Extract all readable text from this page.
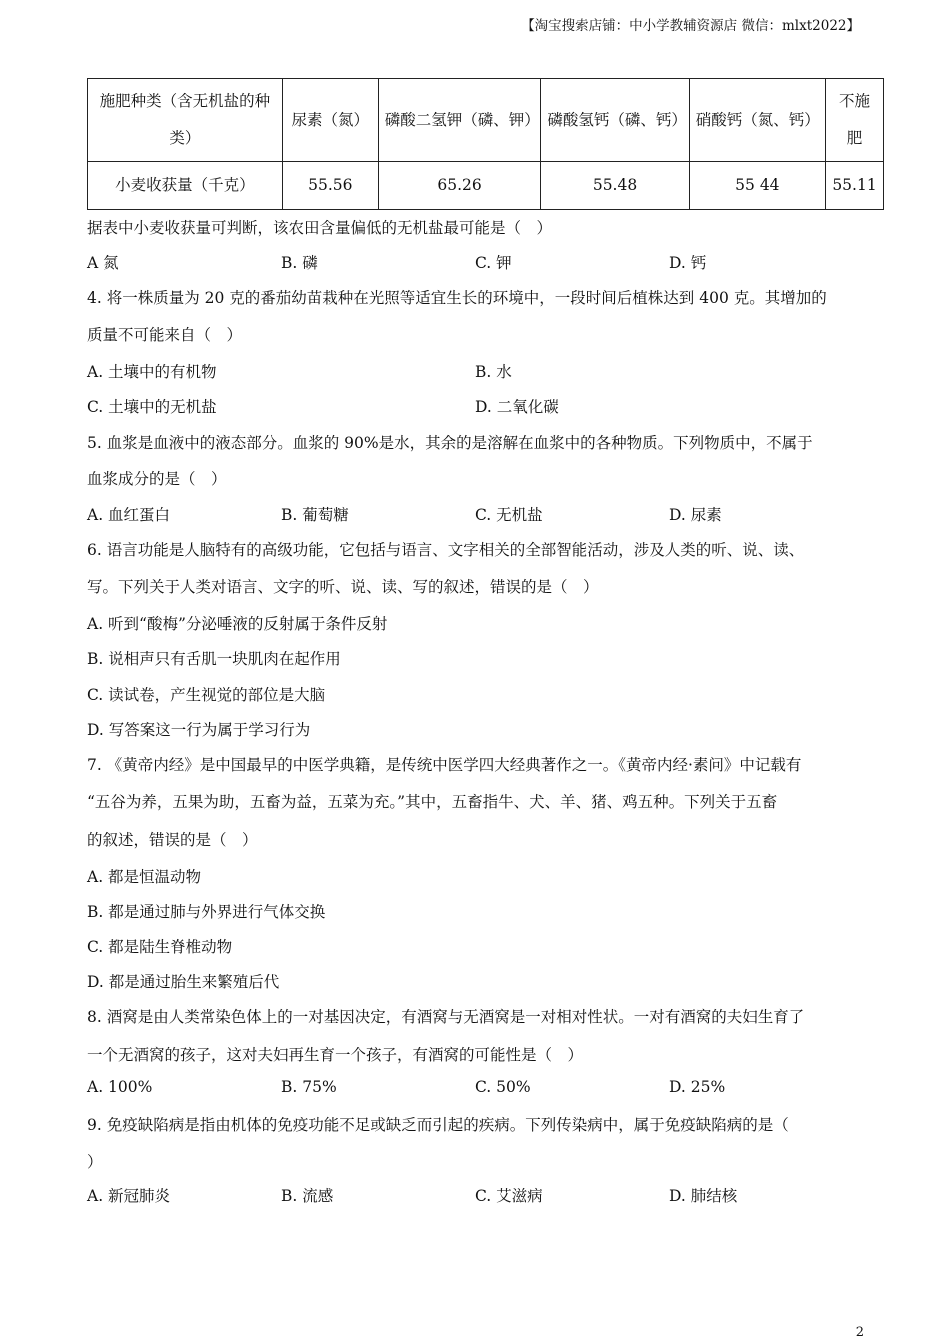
【淘宝搜索店铺：中小学教辅资源店 微信：mlxt2022】
施肥种类（含无机盐的种类）	尿素（氮）	磷酸二氢钾（磷、钾）	磷酸氢钙（磷、钙）	硝酸钙（氮、钙）	不施肥
小麦收获量（千克）	55.56	65.26	55.48	55 44	55.11
据表中小麦收获量可判断，该农田含量偏低的无机盐最可能是（　）
A 氮	B. 磷	C. 钾	D. 钙
4. 将一株质量为 20 克的番茄幼苗栽种在光照等适宜生长的环境中，一段时间后植株达到 400 克。其增加的
质量不可能来自（　）
A. 土壤中的有机物	B. 水
C. 土壤中的无机盐	D. 二氧化碳
5. 血浆是血液中的液态部分。血浆的 90%是水，其余的是溶解在血浆中的各种物质。下列物质中，不属于
血浆成分的是（　）
A. 血红蛋白	B. 葡萄糖	C. 无机盐	D. 尿素
6. 语言功能是人脑特有的高级功能，它包括与语言、文字相关的全部智能活动，涉及人类的听、说、读、
写。下列关于人类对语言、文字的听、说、读、写的叙述，错误的是（　）
A. 听到“酸梅”分泌唾液的反射属于条件反射
B. 说相声只有舌肌一块肌肉在起作用
C. 读试卷，产生视觉的部位是大脑
D. 写答案这一行为属于学习行为
7. 《黄帝内经》是中国最早的中医学典籍，是传统中医学四大经典著作之一。《黄帝内经·素问》中记载有
“五谷为养，五果为助，五畜为益，五菜为充。”其中，五畜指牛、犬、羊、猪、鸡五种。下列关于五畜
的叙述，错误的是（　）
A. 都是恒温动物
B. 都是通过肺与外界进行气体交换
C. 都是陆生脊椎动物
D. 都是通过胎生来繁殖后代
8. 酒窝是由人类常染色体上的一对基因决定，有酒窝与无酒窝是一对相对性状。一对有酒窝的夫妇生育了
一个无酒窝的孩子，这对夫妇再生育一个孩子，有酒窝的可能性是（　）
A. 100%	B. 75%	C. 50%	D. 25%
9. 免疫缺陷病是指由机体的免疫功能不足或缺乏而引起的疾病。下列传染病中，属于免疫缺陷病的是（
）
A. 新冠肺炎	B. 流感	C. 艾滋病	D. 肺结核
2
